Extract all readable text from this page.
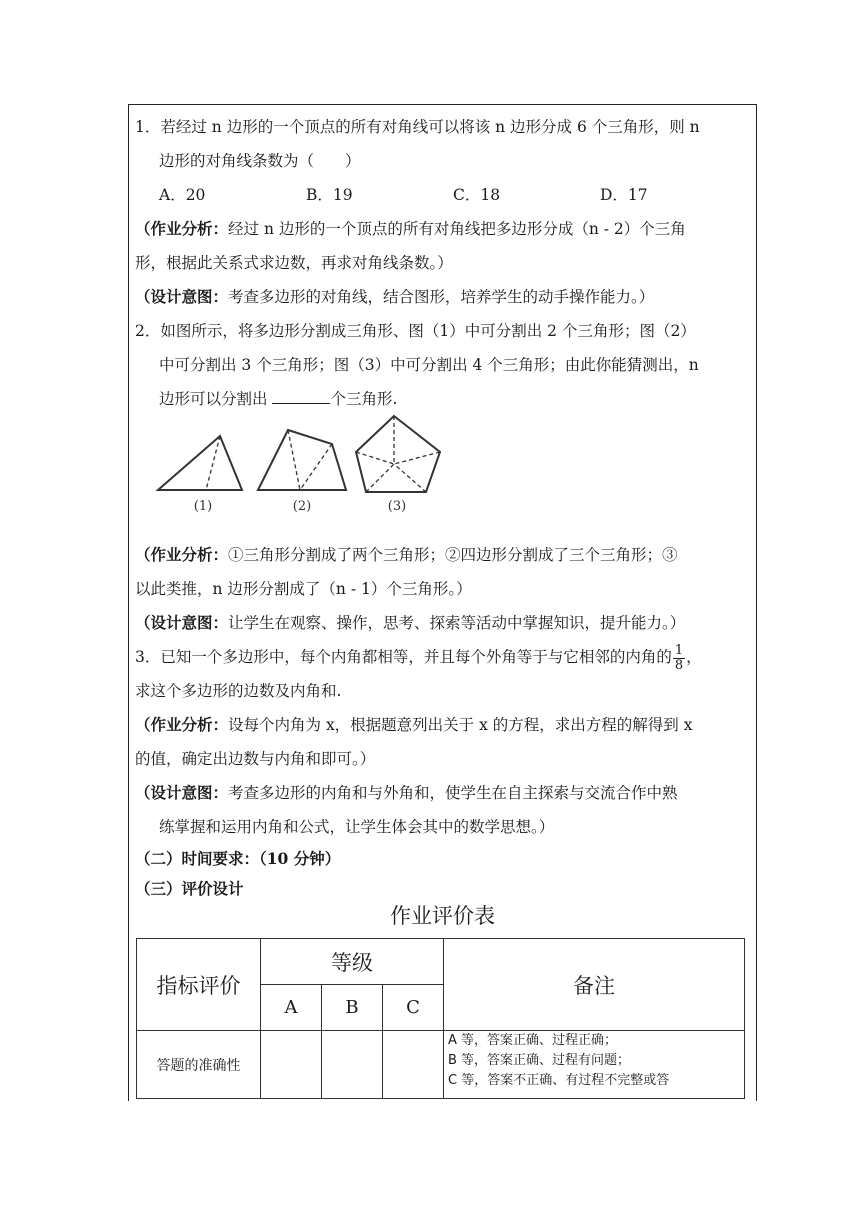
1．若经过 n 边形的一个顶点的所有对角线可以将该 n 边形分成 6 个三角形，则 n
边形的对角线条数为（　　）
A．20	B．19	C．18	D．17
（作业分析：经过 n 边形的一个顶点的所有对角线把多边形分成（n - 2）个三角
形，根据此关系式求边数，再求对角线条数。）
（设计意图：考查多边形的对角线，结合图形，培养学生的动手操作能力。）
2．如图所示，将多边形分割成三角形、图（1）中可分割出 2 个三角形；图（2）
中可分割出 3 个三角形；图（3）中可分割出 4 个三角形；由此你能猜测出，n
边形可以分割出	个三角形.
（作业分析：①三角形分割成了两个三角形；②四边形分割成了三个三角形；③
以此类推，n 边形分割成了（n - 1）个三角形。）
（设计意图：让学生在观察、操作，思考、探索等活动中掌握知识，提升能力。）
3．已知一个多边形中，每个内角都相等，并且每个外角等于与它相邻的内角的 $\frac{1}{8}$ ，
求这个多边形的边数及内角和.
（作业分析：设每个内角为 x，根据题意列出关于 x 的方程，求出方程的解得到 x
的值，确定出边数与内角和即可。）
（设计意图：考查多边形的内角和与外角和，使学生在自主探索与交流合作中熟
练掌握和运用内角和公式，让学生体会其中的数学思想。）
（二）时间要求：（10 分钟）
（三）评价设计
(1)	(2)	(3)
作业评价表
指标评价	等级			备注
	A	B	C	
答题的准确性				A 等，答案正确、过程正确；
B 等，答案正确、过程有问题；
C 等，答案不正确、有过程不完整或答
